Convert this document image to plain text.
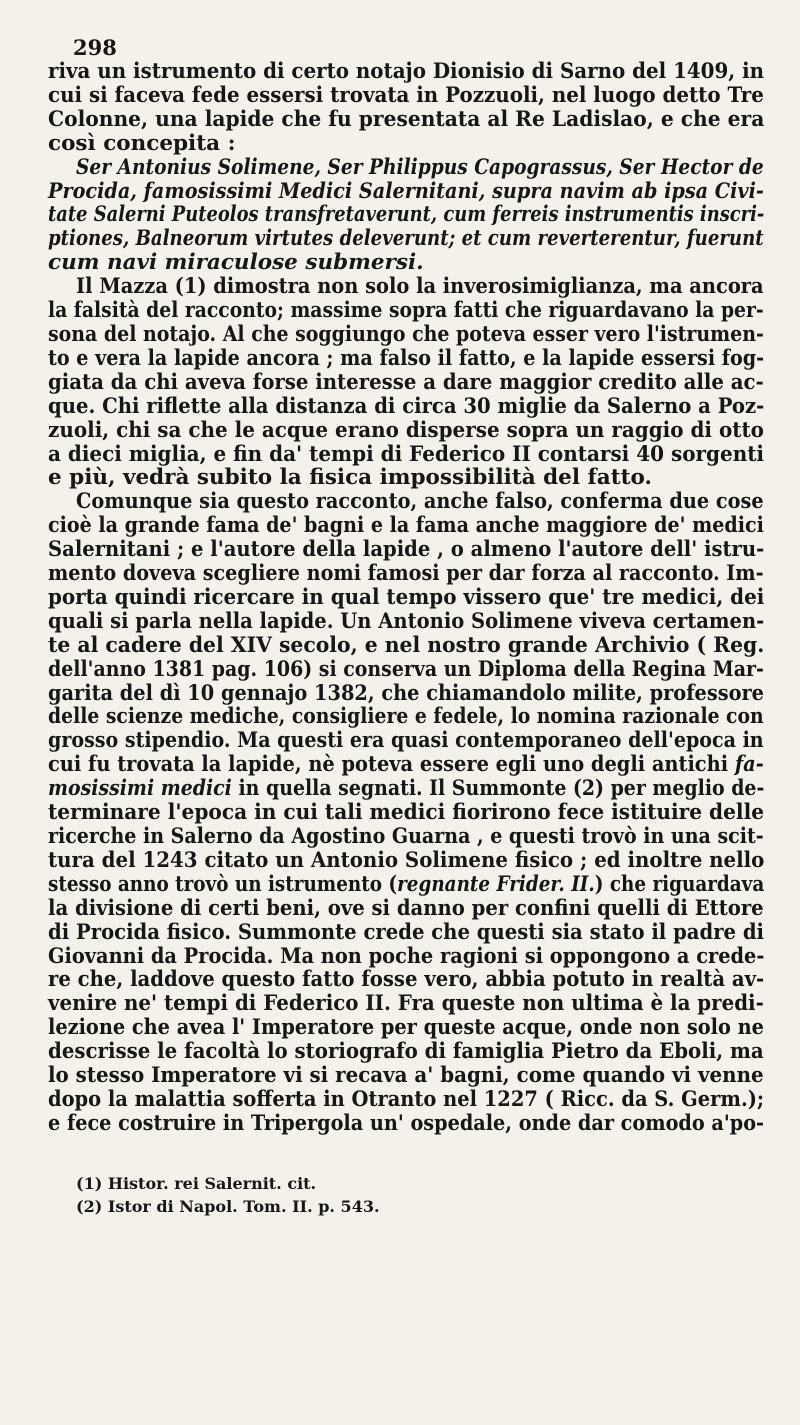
298
riva un istrumento di certo notajo Dionisio di Sarno del 1409, in
cui si faceva fede essersi trovata in Pozzuoli, nel luogo detto Tre
Colonne, una lapide che fu presentata al Re Ladislao, e che era
così concepita :
Ser Antonius Solimene, Ser Philippus Capograssus, Ser Hector de
Procida, famosissimi Medici Salernitani, supra navim ab ipsa Civi-
tate Salerni Puteolos transfretaverunt, cum ferreis instrumentis inscri-
ptiones, Balneorum virtutes deleverunt; et cum reverterentur, fuerunt
cum navi miraculose submersi.
Il Mazza (1) dimostra non solo la inverosimiglianza, ma ancora
la falsità del racconto; massime sopra fatti che riguardavano la per-
sona del notajo. Al che soggiungo che poteva esser vero l'istrumen-
to e vera la lapide ancora ; ma falso il fatto, e la lapide essersi fog-
giata da chi aveva forse interesse a dare maggior credito alle ac-
que. Chi riflette alla distanza di circa 30 miglie da Salerno a Poz-
zuoli, chi sa che le acque erano disperse sopra un raggio di otto
a dieci miglia, e fin da' tempi di Federico II contarsi 40 sorgenti
e più, vedrà subito la fisica impossibilità del fatto.
Comunque sia questo racconto, anche falso, conferma due cose
cioè la grande fama de' bagni e la fama anche maggiore de' medici
Salernitani ; e l'autore della lapide , o almeno l'autore dell' istru-
mento doveva scegliere nomi famosi per dar forza al racconto. Im-
porta quindi ricercare in qual tempo vissero que' tre medici, dei
quali si parla nella lapide. Un Antonio Solimene viveva certamen-
te al cadere del XIV secolo, e nel nostro grande Archivio ( Reg.
dell'anno 1381 pag. 106) si conserva un Diploma della Regina Mar-
garita del dì 10 gennajo 1382, che chiamandolo milite, professore
delle scienze mediche, consigliere e fedele, lo nomina razionale con
grosso stipendio. Ma questi era quasi contemporaneo dell'epoca in
cui fu trovata la lapide, nè poteva essere egli uno degli antichi fa-
mosissimi medici in quella segnati. Il Summonte (2) per meglio de-
terminare l'epoca in cui tali medici fiorirono fece istituire delle
ricerche in Salerno da Agostino Guarna , e questi trovò in una scit-
tura del 1243 citato un Antonio Solimene fisico ; ed inoltre nello
stesso anno trovò un istrumento (regnante Frider. II.) che riguardava
la divisione di certi beni, ove si danno per confini quelli di Ettore
di Procida fisico. Summonte crede che questi sia stato il padre di
Giovanni da Procida. Ma non poche ragioni si oppongono a crede-
re che, laddove questo fatto fosse vero, abbia potuto in realtà av-
venire ne' tempi di Federico II. Fra queste non ultima è la predi-
lezione che avea l' Imperatore per queste acque, onde non solo ne
descrisse le facoltà lo storiografo di famiglia Pietro da Eboli, ma
lo stesso Imperatore vi si recava a' bagni, come quando vi venne
dopo la malattia sofferta in Otranto nel 1227 ( Ricc. da S. Germ.);
e fece costruire in Tripergola un' ospedale, onde dar comodo a'po-
(1) Histor. rei Salernit. cit.
(2) Istor di Napol. Tom. II. p. 543.
